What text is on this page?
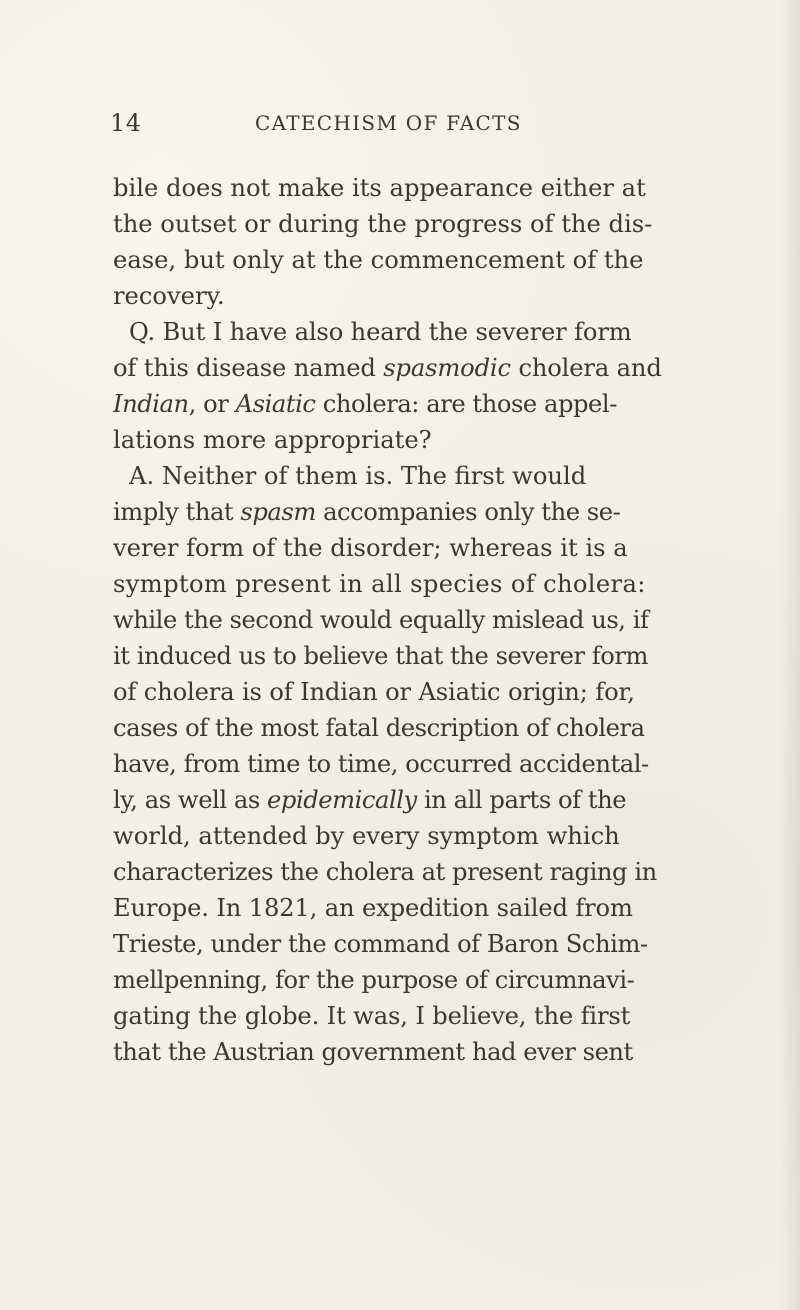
14	CATECHISM OF FACTS
bile does not make its appearance either at
the outset or during the progress of the dis-
ease, but only at the commencement of the
recovery.
Q. But I have also heard the severer form
of this disease named spasmodic cholera and
Indian, or Asiatic cholera: are those appel-
lations more appropriate?
A. Neither of them is. The first would
imply that spasm accompanies only the se-
verer form of the disorder; whereas it is a
symptom present in all species of cholera:
while the second would equally mislead us, if
it induced us to believe that the severer form
of cholera is of Indian or Asiatic origin; for,
cases of the most fatal description of cholera
have, from time to time, occurred accidental-
ly, as well as epidemically in all parts of the
world, attended by every symptom which
characterizes the cholera at present raging in
Europe. In 1821, an expedition sailed from
Trieste, under the command of Baron Schim-
mellpenning, for the purpose of circumnavi-
gating the globe. It was, I believe, the first
that the Austrian government had ever sent
